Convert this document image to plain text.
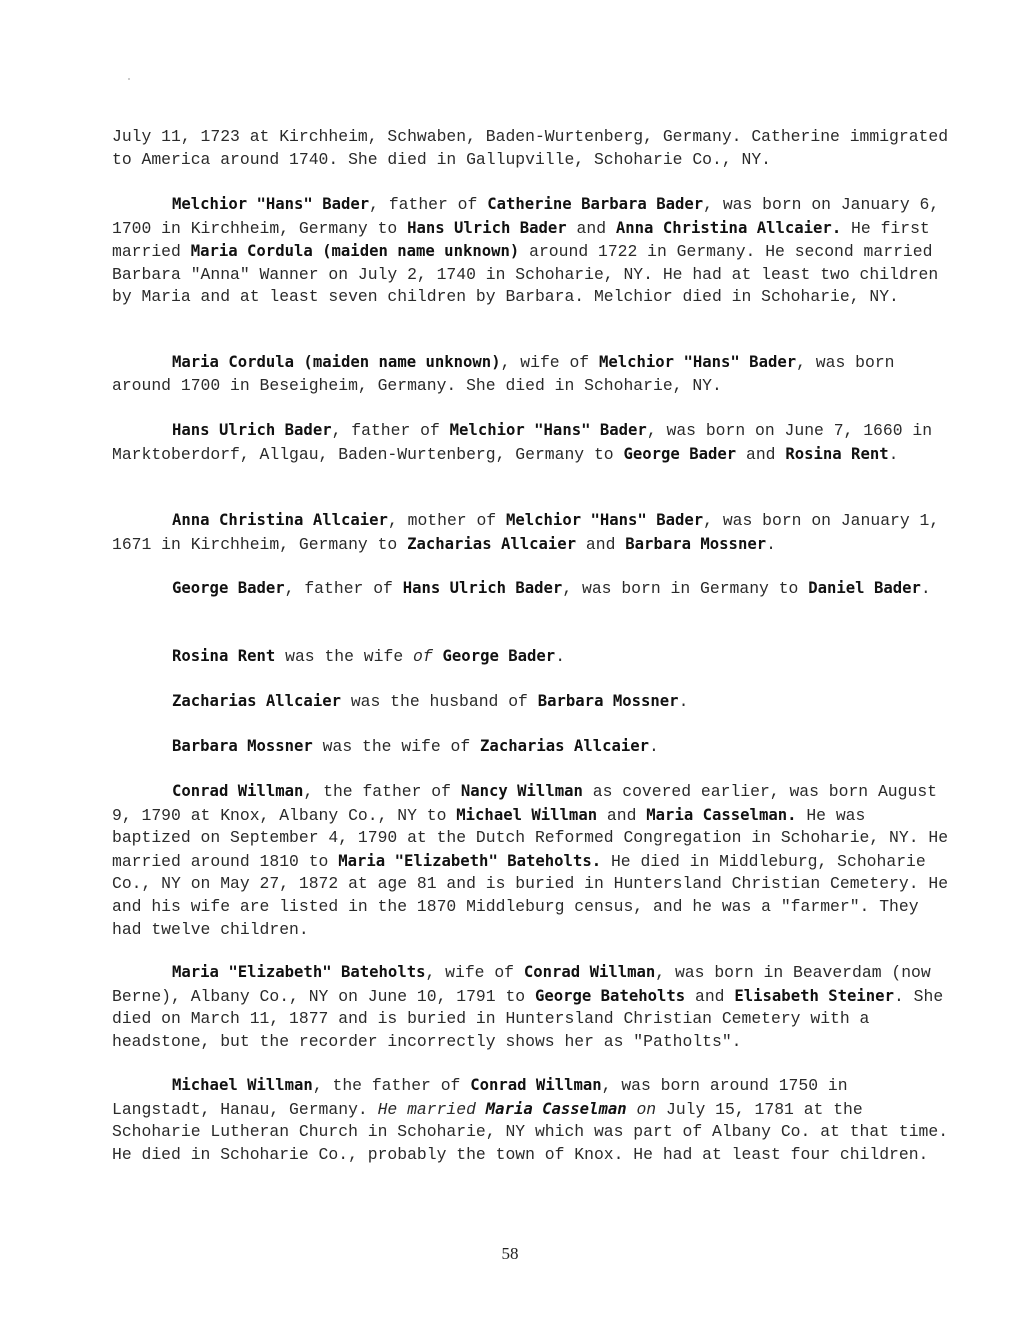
July 11, 1723 at Kirchheim, Schwaben, Baden-Wurtenberg, Germany. Catherine immigrated to America around 1740. She died in Gallupville, Schoharie Co., NY.

Melchior "Hans" Bader, father of Catherine Barbara Bader, was born on January 6, 1700 in Kirchheim, Germany to Hans Ulrich Bader and Anna Christina Allcaier. He first married Maria Cordula (maiden name unknown) around 1722 in Germany. He second married Barbara "Anna" Wanner on July 2, 1740 in Schoharie, NY. He had at least two children by Maria and at least seven children by Barbara. Melchior died in Schoharie, NY.

Maria Cordula (maiden name unknown), wife of Melchior "Hans" Bader, was born around 1700 in Beseigheim, Germany. She died in Schoharie, NY.

Hans Ulrich Bader, father of Melchior "Hans" Bader, was born on June 7, 1660 in Marktoberdorf, Allgau, Baden-Wurtenberg, Germany to George Bader and Rosina Rent.

Anna Christina Allcaier, mother of Melchior "Hans" Bader, was born on January 1, 1671 in Kirchheim, Germany to Zacharias Allcaier and Barbara Mossner.

George Bader, father of Hans Ulrich Bader, was born in Germany to Daniel Bader.

Rosina Rent was the wife of George Bader.

Zacharias Allcaier was the husband of Barbara Mossner.

Barbara Mossner was the wife of Zacharias Allcaier.

Conrad Willman, the father of Nancy Willman as covered earlier, was born August 9, 1790 at Knox, Albany Co., NY to Michael Willman and Maria Casselman. He was baptized on September 4, 1790 at the Dutch Reformed Congregation in Schoharie, NY. He married around 1810 to Maria "Elizabeth" Bateholts. He died in Middleburg, Schoharie Co., NY on May 27, 1872 at age 81 and is buried in Huntersland Christian Cemetery. He and his wife are listed in the 1870 Middleburg census, and he was a "farmer". They had twelve children.

Maria "Elizabeth" Bateholts, wife of Conrad Willman, was born in Beaverdam (now Berne), Albany Co., NY on June 10, 1791 to George Bateholts and Elisabeth Steiner. She died on March 11, 1877 and is buried in Huntersland Christian Cemetery with a headstone, but the recorder incorrectly shows her as "Patholts".

Michael Willman, the father of Conrad Willman, was born around 1750 in Langstadt, Hanau, Germany. He married Maria Casselman on July 15, 1781 at the Schoharie Lutheran Church in Schoharie, NY which was part of Albany Co. at that time. He died in Schoharie Co., probably the town of Knox. He had at least four children.

58
